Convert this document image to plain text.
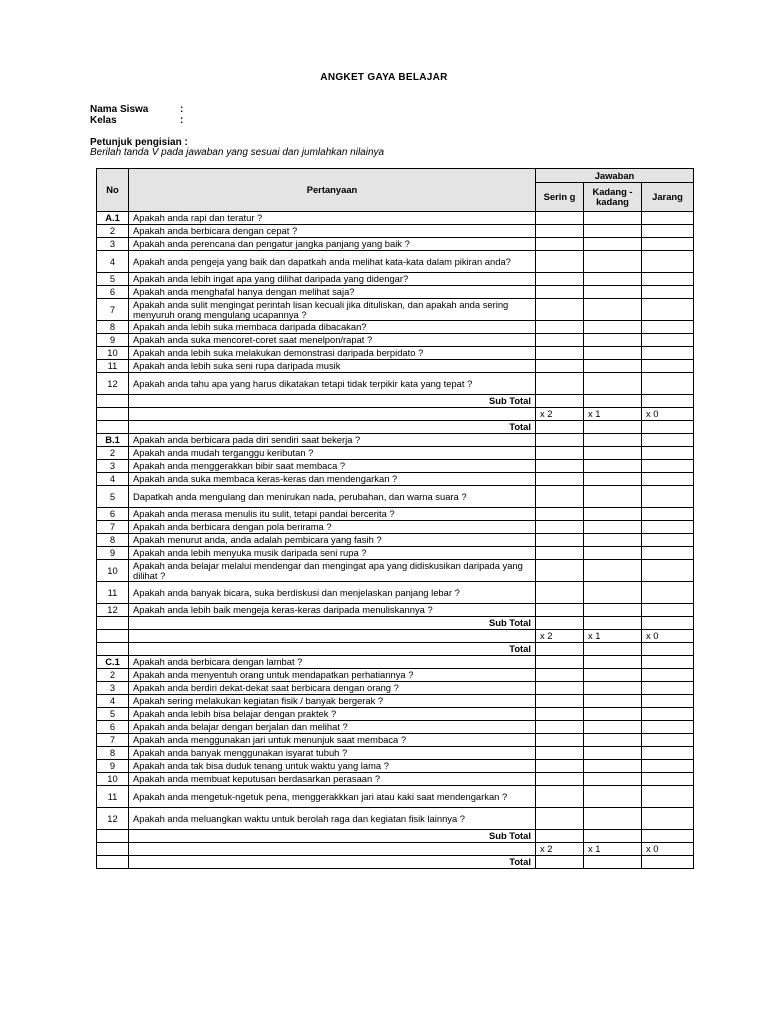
ANGKET GAYA BELAJAR
Nama Siswa	:
Kelas	:
Petunjuk pengisian :
Berilah tanda V pada jawaban yang sesuai dan jumlahkan nilainya
No	Pertanyaan	Jawaban		
		Serin g	Kadang -kadang	Jarang
A.1	Apakah anda rapi dan teratur ?			
2	Apakah anda berbicara dengan cepat ?			
3	Apakah anda perencana dan pengatur jangka panjang yang baik ?			
4	Apakah anda pengeja yang baik dan dapatkah anda melihat kata-kata dalam pikiran anda?			
5	Apakah anda lebih ingat apa yang dilihat daripada yang didengar?			
6	Apakah anda menghafal hanya dengan melihat saja?			
7	Apakah anda sulit mengingat perintah lisan kecuali jika dituliskan, dan apakah anda sering menyuruh orang mengulang ucapannya ?			
8	Apakah anda lebih suka membaca daripada dibacakan?			
9	Apakah anda suka mencoret-coret saat menelpon/rapat ?			
10	Apakah anda lebih suka melakukan demonstrasi daripada berpidato ?			
11	Apakah anda lebih suka seni rupa daripada musik			
12	Apakah anda tahu apa yang harus dikatakan tetapi tidak terpikir kata yang tepat ?			
	Sub Total			
		x 2	x 1	x 0
	Total			
B.1	Apakah anda berbicara pada diri sendiri saat bekerja ?			
2	Apakah anda mudah terganggu keributan ?			
3	Apakah anda menggerakkan bibir saat membaca ?			
4	Apakah anda suka membaca keras-keras dan mendengarkan ?			
5	Dapatkah anda mengulang dan menirukan nada, perubahan, dan warna suara ?			
6	Apakah anda merasa menulis itu sulit, tetapi pandai bercerita ?			
7	Apakah anda berbicara dengan pola berirama ?			
8	Apakah menurut anda, anda adalah pembicara yang fasih ?			
9	Apakah anda lebih menyuka musik daripada seni rupa ?			
10	Apakah anda belajar melalui mendengar dan mengingat apa yang didiskusikan daripada yang dilihat ?			
11	Apakah anda banyak bicara, suka berdiskusi dan menjelaskan panjang lebar ?			
12	Apakah anda lebih baik mengeja keras-keras daripada menuliskannya ?			
	Sub Total			
		x 2	x 1	x 0
	Total			
C.1	Apakah anda berbicara dengan lambat ?			
2	Apakah anda menyentuh orang untuk mendapatkan perhatiannya ?			
3	Apakah anda berdiri dekat-dekat saat berbicara dengan orang ?			
4	Apakah sering melakukan kegiatan fisik / banyak bergerak ?			
5	Apakah anda lebih bisa belajar dengan praktek ?			
6	Apakah anda belajar dengan berjalan dan melihat ?			
7	Apakah anda menggunakan jari untuk menunjuk saat membaca ?			
8	Apakah anda banyak menggunakan isyarat tubuh ?			
9	Apakah anda tak bisa duduk tenang untuk waktu yang lama ?			
10	Apakah anda membuat keputusan berdasarkan perasaan ?			
11	Apakah anda mengetuk-ngetuk pena, menggerakkkan jari atau kaki saat mendengarkan ?			
12	Apakah anda meluangkan waktu untuk berolah raga dan kegiatan fisik lainnya ?			
	Sub Total			
		x 2	x 1	x 0
	Total			
